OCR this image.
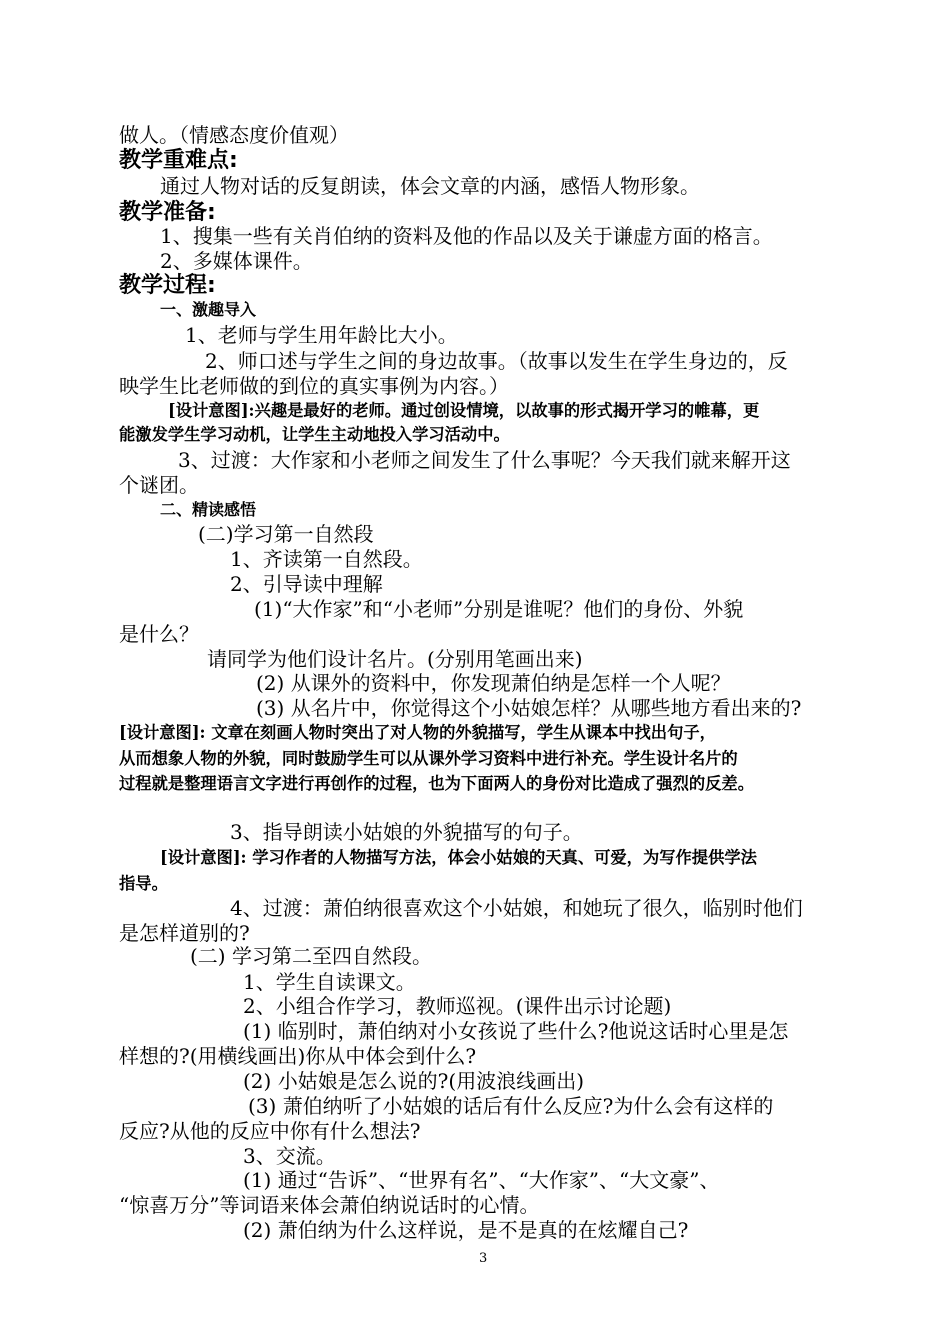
做人。（情感态度价值观）
教学重难点:
通过人物对话的反复朗读，体会文章的内涵，感悟人物形象。
教学准备:
1、搜集一些有关肖伯纳的资料及他的作品以及关于谦虚方面的格言。
2、多媒体课件。
教学过程:
一、激趣导入
1、老师与学生用年龄比大小。
2、师口述与学生之间的身边故事。（故事以发生在学生身边的，反
映学生比老师做的到位的真实事例为内容。）
[设计意图]:兴趣是最好的老师。通过创设情境，以故事的形式揭开学习的帷幕，更
能激发学生学习动机，让学生主动地投入学习活动中。
3、过渡：大作家和小老师之间发生了什么事呢？今天我们就来解开这
个谜团。
二、精读感悟
(二)学习第一自然段
1、齐读第一自然段。
2、引导读中理解
(1)“大作家”和“小老师”分别是谁呢？他们的身份、外貌
是什么？
请同学为他们设计名片。(分别用笔画出来)
(2) 从课外的资料中，你发现萧伯纳是怎样一个人呢？
(3) 从名片中，你觉得这个小姑娘怎样？从哪些地方看出来的?
[设计意图]: 文章在刻画人物时突出了对人物的外貌描写，学生从课本中找出句子，
从而想象人物的外貌，同时鼓励学生可以从课外学习资料中进行补充。学生设计名片的
过程就是整理语言文字进行再创作的过程，也为下面两人的身份对比造成了强烈的反差。
3、指导朗读小姑娘的外貌描写的句子。
[设计意图]: 学习作者的人物描写方法，体会小姑娘的天真、可爱，为写作提供学法
指导。
4、过渡：萧伯纳很喜欢这个小姑娘，和她玩了很久，临别时他们
是怎样道别的?
(二) 学习第二至四自然段。
1、学生自读课文。
2、小组合作学习，教师巡视。(课件出示讨论题)
(1) 临别时，萧伯纳对小女孩说了些什么?他说这话时心里是怎
样想的?(用横线画出)你从中体会到什么?
(2) 小姑娘是怎么说的?(用波浪线画出)
(3) 萧伯纳听了小姑娘的话后有什么反应?为什么会有这样的
反应?从他的反应中你有什么想法?
3、交流。
(1) 通过“告诉”、“世界有名”、“大作家”、“大文豪”、
“惊喜万分”等词语来体会萧伯纳说话时的心情。
(2) 萧伯纳为什么这样说，是不是真的在炫耀自己?
3
